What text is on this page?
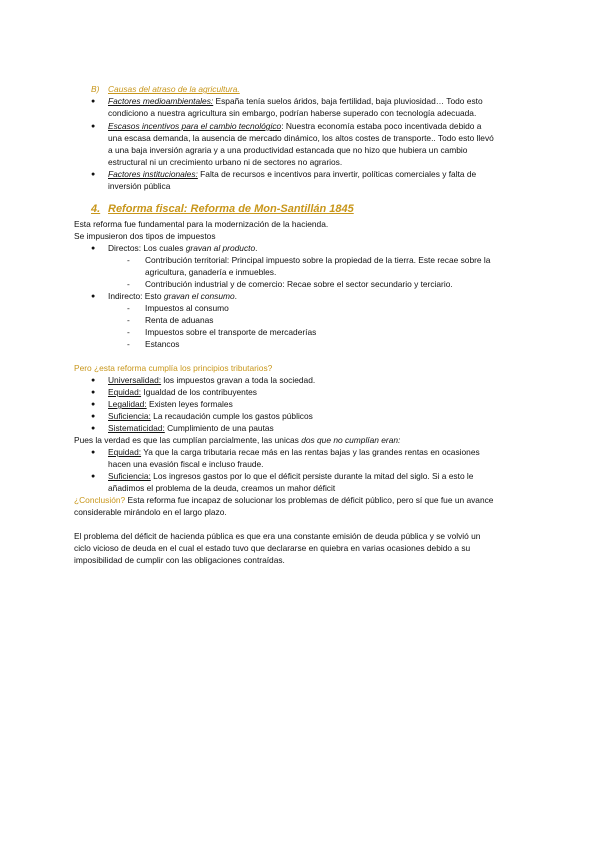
B) Causas del atraso de la agricultura.
● Factores medioambientales: España tenía suelos áridos, baja fertilidad, baja pluviosidad… Todo esto
condiciono a nuestra agricultura sin embargo, podrían haberse superado con tecnología adecuada.
● Escasos incentivos para el cambio tecnológico: Nuestra economía estaba poco incentivada debido a
una escasa demanda, la ausencia de mercado dinámico, los altos costes de transporte.. Todo esto llevó
a una baja inversión agraria y a una productividad estancada que no hizo que hubiera un cambio
estructural ni un crecimiento urbano ni de sectores no agrarios.
● Factores institucionales: Falta de recursos e incentivos para invertir, políticas comerciales y falta de
inversión pública
4. Reforma fiscal: Reforma de Mon-Santillán 1845
Esta reforma fue fundamental para la modernización de la hacienda.
Se impusieron dos tipos de impuestos
● Directos: Los cuales gravan al producto.
- Contribución territorial: Principal impuesto sobre la propiedad de la tierra. Este recae sobre la
agricultura, ganadería e inmuebles.
- Contribución industrial y de comercio: Recae sobre el sector secundario y terciario.
● Indirecto: Esto gravan el consumo.
- Impuestos al consumo
- Renta de aduanas
- Impuestos sobre el transporte de mercaderías
- Estancos
Pero ¿esta reforma cumplía los principios tributarios?
● Universalidad: los impuestos gravan a toda la sociedad.
● Equidad: Igualdad de los contribuyentes
● Legalidad: Existen leyes formales
● Suficiencia: La recaudación cumple los gastos públicos
● Sistematicidad: Cumplimiento de una pautas
Pues la verdad es que las cumplían parcialmente, las unicas dos que no cumplían eran:
● Equidad: Ya que la carga tributaria recae más en las rentas bajas y las grandes rentas en ocasiones
hacen una evasión fiscal e incluso fraude.
● Suficiencia: Los ingresos gastos por lo que el déficit persiste durante la mitad del siglo. Si a esto le
añadimos el problema de la deuda, creamos un mahor déficit
¿Conclusión? Esta reforma fue incapaz de solucionar los problemas de déficit público, pero sí que fue un avance
considerable mirándolo en el largo plazo.
El problema del déficit de hacienda pública es que era una constante emisión de deuda pública y se volvió un
ciclo vicioso de deuda en el cual el estado tuvo que declararse en quiebra en varias ocasiones debido a su
imposibilidad de cumplir con las obligaciones contraídas.
